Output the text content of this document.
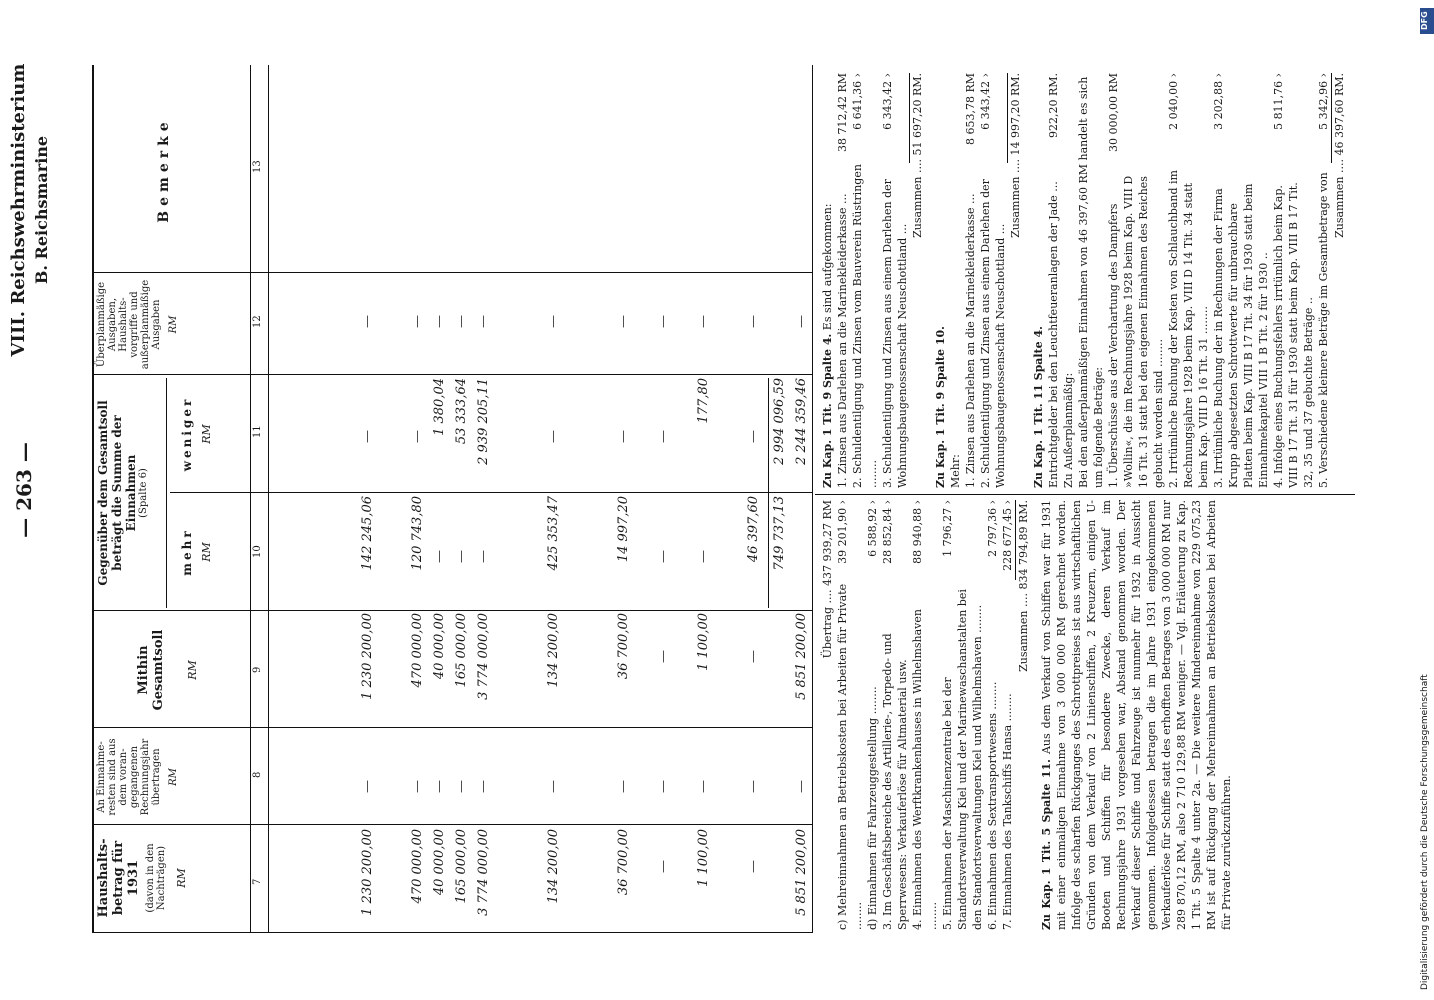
— 263 —
VIII. Reichswehrministerium B. Reichsmarine
Haushalts-betrag für 1931 (davon in den Nachträgen) RM
An Einnahme-resten sind aus dem voran-gegangenen Rechnungsjahr übertragen RM
Mithin Gesamtsoll RM
Gegenüber dem Gesamtsoll beträgt die Summe der Einnahmen (Spalte 6)
mehr RM
weniger RM
Überplanmäßige Ausgaben, Haushalts-vorgriffe und außerplanmäßige Ausgaben RM
Bemerke
7
8
9
10
11
12
13
1 230 200,00
—
1 230 200,00
142 245,06
—
—
470 000,00
—
470 000,00
120 743,80
—
—
40 000,00
—
40 000,00
—
1 380,04
—
165 000,00
—
165 000,00
—
53 333,64
—
3 774 000,00
—
3 774 000,00
—
2 939 205,11
—
134 200,00
—
134 200,00
425 353,47
—
—
36 700,00
—
36 700,00
14 997,20
—
—
—
—
—
—
—
—
1 100,00
—
1 100,00
—
177,80
—
—
—
—
46 397,60
—
—
5 851 200,00
—
5 851 200,00
749 737,13
2 994 096,59 2 244 359,46
—
Übertrag .... 437 939,27 RM
c) Mehreinnahmen an Betriebskosten bei Arbeiten für Private ........
39 201,90 ›
d) Einnahmen für Fahrzeuggestellung ........
6 588,92 ›
3. Im Geschäftsbereiche des Artillerie-, Torpedo- und Sperrwesens: Verkauferlöse für Altmaterial usw.
28 852,84 ›
4. Einnahmen des Werftkrankenhauses in Wilhelmshaven ........
88 940,88 ›
5. Einnahmen der Maschinenzentrale bei der Standortsverwaltung Kiel und der Marinewaschanstalten bei den Standortsverwaltungen Kiel und Wilhelmshaven ........
1 796,27 ›
6. Einnahmen des Sextransportwesens ........
2 797,36 ›
7. Einnahmen des Tankschiffs Hansa ........
228 677,45 ›
Zusammen .... 834 794,89 RM.
Zu Kap. 1 Tit. 5 Spalte 11. Aus dem Verkauf von Schiffen war für 1931 mit einer einmaligen Einnahme von 3 000 000 RM gerechnet worden. Infolge des scharfen Rückganges des Schrottpreises ist aus wirtschaftlichen Gründen von dem Verkauf von 2 Linienschiffen, 2 Kreuzern, einigen U-Booten und Schiffen für besondere Zwecke, deren Verkauf im Rechnungsjahre 1931 vorgesehen war, Abstand genommen worden. Der Verkauf dieser Schiffe und Fahrzeuge ist nunmehr für 1932 in Aussicht genommen. Infolgedessen betragen die im Jahre 1931 eingekommenen Verkauferlöse für Schiffe statt des erhofften Betrages von 3 000 000 RM nur 289 870,12 RM, also 2 710 129,88 RM weniger. — Vgl. Erläuterung zu Kap. 1 Tit. 5 Spalte 4 unter 2a. — Die weitere Mindereinnahme von 229 075,23 RM ist auf Rückgang der Mehreinnahmen an Betriebskosten bei Arbeiten für Private zurückzuführen.
Zu Kap. 1 Tit. 9 Spalte 4. Es sind aufgekommen: 1. Zinsen aus Darlehen an die Marinekleiderkasse ...
38 712,42 RM
2. Schuldentilgung und Zinsen vom Bauverein Rüstringen ........
6 641,36 ›
3. Schuldentilgung und Zinsen aus einem Darlehen der Wohnungsbaugenossenschaft Neuschottland ...
6 343,42 ›
Zusammen .... 51 697,20 RM.
Zu Kap. 1 Tit. 9 Spalte 10. Mehr: 1. Zinsen aus Darlehen an die Marinekleiderkasse ...
8 653,78 RM
2. Schuldentilgung und Zinsen aus einem Darlehen der Wohnungsbaugenossenschaft Neuschottland ...
6 343,42 ›
Zusammen .... 14 997,20 RM.
Zu Kap. 1 Tit. 11 Spalte 4. Entrichtgelder bei den Leuchtfeueranlagen der Jade ...
922,20 RM.
Zu Außerplanmäßig: Bei den außerplanmäßigen Einnahmen von 46 397,60 RM handelt es sich um folgende Beträge: 1. Überschüsse aus der Verchartung des Dampfers »Wollin«, die im Rechnungsjahre 1928 beim Kap. VIII D 16 Tit. 31 statt bei den eigenen Einnahmen des Reiches gebucht worden sind ........
30 000,00 RM
2. Irrtümliche Buchung der Kosten von Schlauchband im Rechnungsjahre 1928 beim Kap. VIII D 14 Tit. 34 statt beim Kap. VIII D 16 Tit. 31 ........
2 040,00 ›
3. Irrtümliche Buchung der in Rechnungen der Firma Krupp abgesetzten Schrottwerte für unbrauchbare Platten beim Kap. VIII B 17 Tit. 34 für 1930 statt beim Einnahmekapitel VIII 1 B Tit. 2 für 1930 ..
3 202,88 ›
4. Infolge eines Buchungsfehlers irrtümlich beim Kap. VIII B 17 Tit. 31 für 1930 statt beim Kap. VIII B 17 Tit. 32, 35 und 37 gebuchte Beträge ..
5 811,76 ›
5. Verschiedene kleinere Beträge im Gesamtbetrage von
5 342,96 ›
Zusammen .... 46 397,60 RM.
DFG
Digitalisierung gefördert durch die Deutsche Forschungsgemeinschaft
